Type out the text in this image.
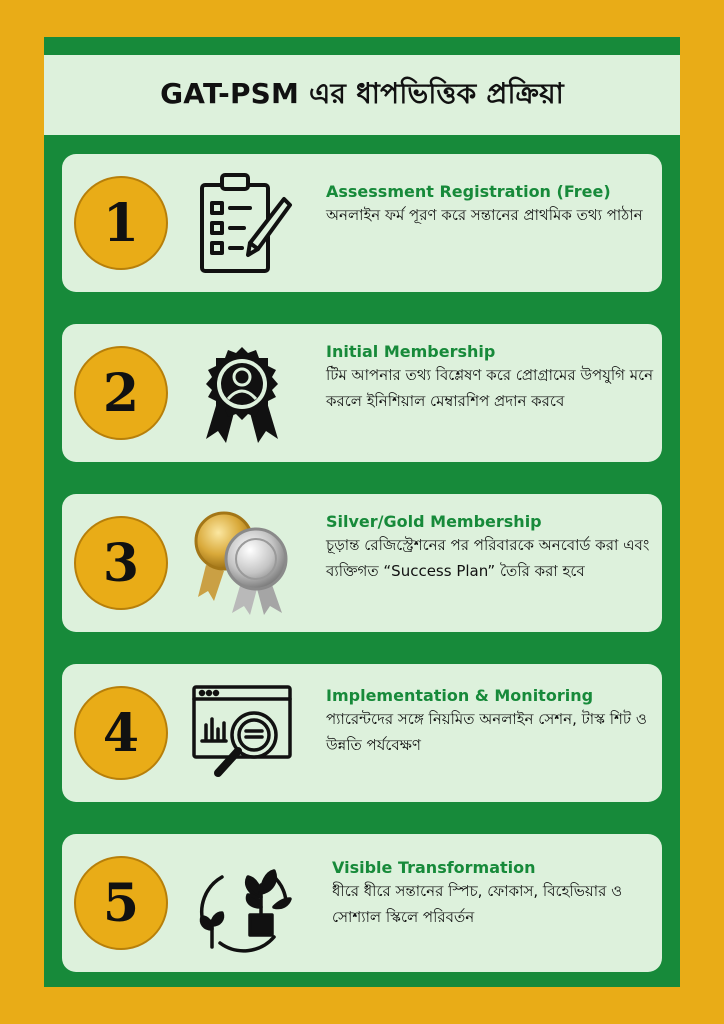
GAT-PSM এর ধাপভিত্তিক প্রক্রিয়া
1
Assessment Registration (Free)
অনলাইন ফর্ম পূরণ করে সন্তানের প্রাথমিক তথ্য পাঠান
2
Initial Membership
টিম আপনার তথ্য বিশ্লেষণ করে প্রোগ্রামের উপযুগি মনে করলে ইনিশিয়াল মেম্বারশিপ প্রদান করবে
3
Silver/Gold Membership
চূড়ান্ত রেজিস্ট্রেশনের পর পরিবারকে অনবোর্ড করা এবং ব্যক্তিগত “Success Plan” তৈরি করা হবে
4
Implementation & Monitoring
প্যারেন্টদের সঙ্গে নিয়মিত অনলাইন সেশন, টাস্ক শিট ও উন্নতি পর্যবেক্ষণ
5
Visible Transformation
ধীরে ধীরে সন্তানের স্পিচ, ফোকাস, বিহেভিয়ার ও সোশ্যাল স্কিলে পরিবর্তন
